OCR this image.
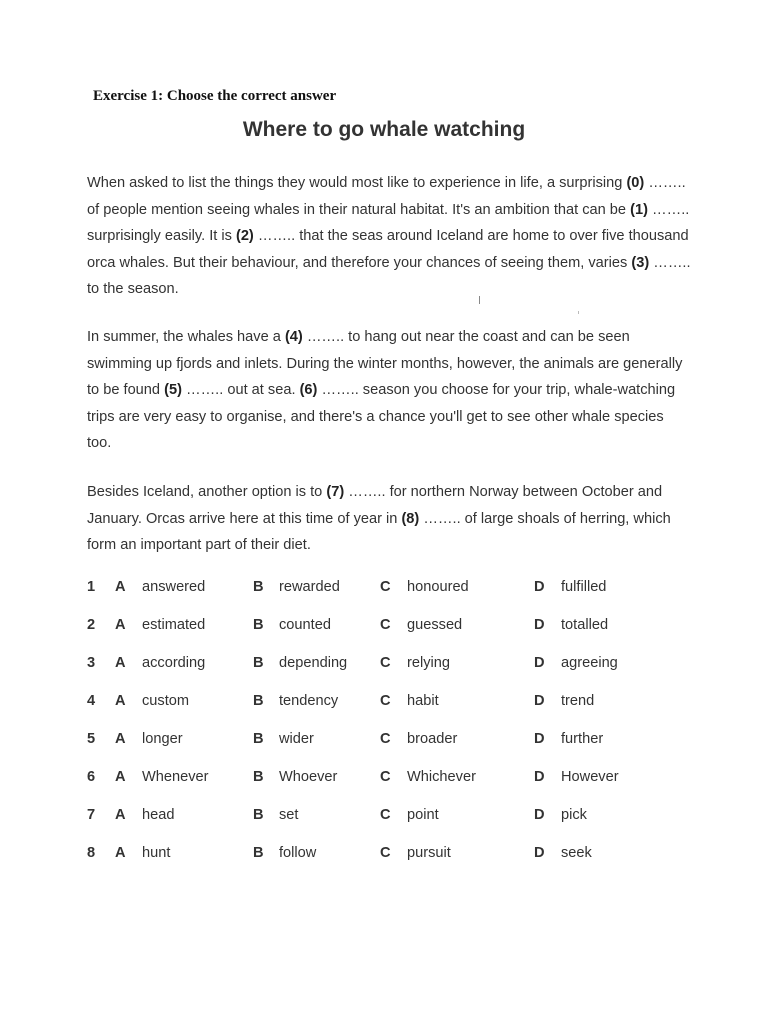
Exercise 1: Choose the correct answer
Where to go whale watching
When asked to list the things they would most like to experience in life, a surprising (0) …….. of people mention seeing whales in their natural habitat. It's an ambition that can be (1) …….. surprisingly easily. It is (2) …….. that the seas around Iceland are home to over five thousand orca whales. But their behaviour, and therefore your chances of seeing them, varies (3) …….. to the season.
In summer, the whales have a (4) …….. to hang out near the coast and can be seen swimming up fjords and inlets. During the winter months, however, the animals are generally to be found (5) …….. out at sea. (6) …….. season you choose for your trip, whale-watching trips are very easy to organise, and there's a chance you'll get to see other whale species too.
Besides Iceland, another option is to (7) …….. for northern Norway between October and January. Orcas arrive here at this time of year in (8) …….. of large shoals of herring, which form an important part of their diet.
1 A answered	B rewarded	C honoured	D fulfilled
2 A estimated	B counted	C guessed	D totalled
3 A according	B depending C relying	D agreeing
4 A custom	B tendency	C habit	D trend
5 A longer	B wider	C broader	D further
6 A Whenever	B Whoever	C Whichever	D However
7 A head	B set	C point	D pick
8 A hunt	B follow	C pursuit	D seek
